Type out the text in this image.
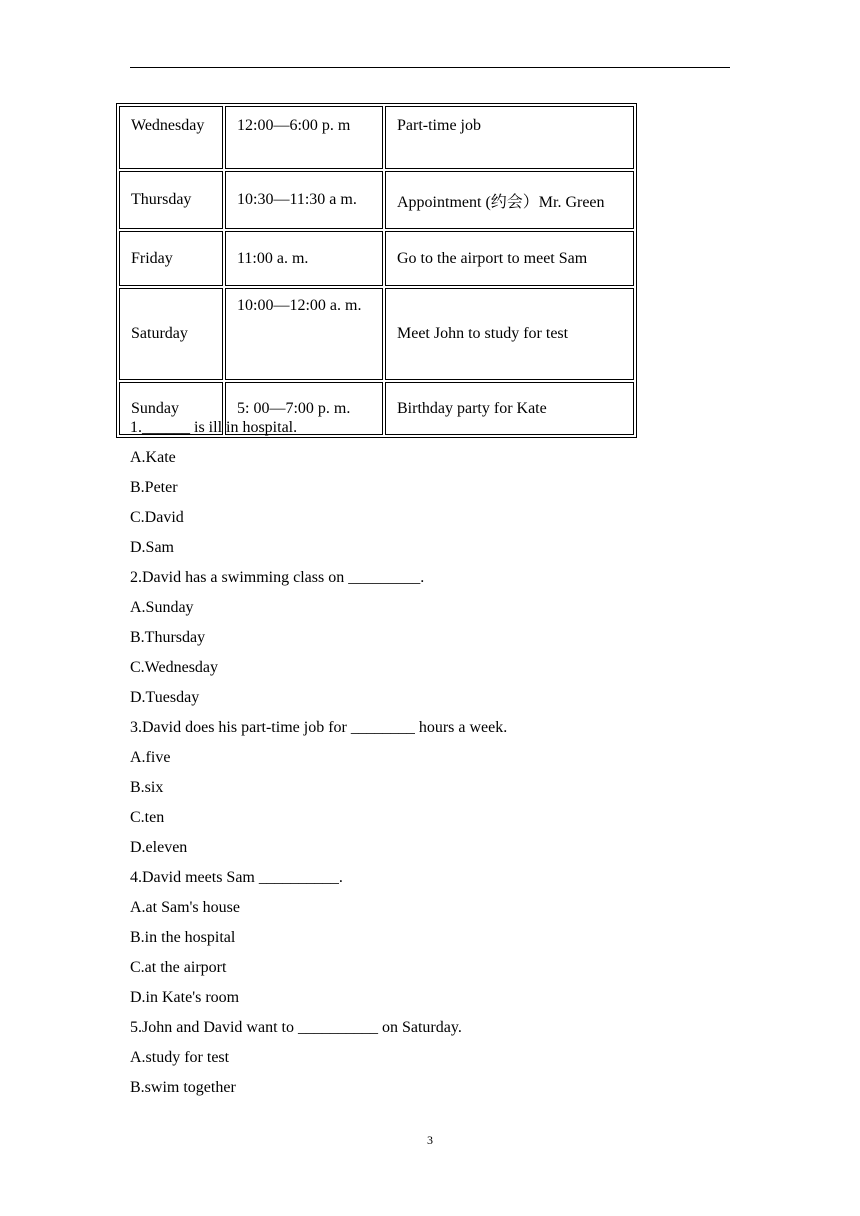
Wednesday	12:00—6:00 p. m	Part-time job
Thursday	10:30—11:30 a m.	Appointment (约会）Mr. Green
Friday	11:00 a. m.	Go to the airport to meet Sam
Saturday	10:00—12:00 a. m.	Meet John to study for test
Sunday	5: 00—7:00 p. m.	Birthday party for Kate
1.______ is ill in hospital.
A.Kate
B.Peter
C.David
D.Sam
2.David has a swimming class on _________.
A.Sunday
B.Thursday
C.Wednesday
D.Tuesday
3.David does his part-time job for ________ hours a week.
A.five
B.six
C.ten
D.eleven
4.David meets Sam __________.
A.at Sam's house
B.in the hospital
C.at the airport
D.in Kate's room
5.John and David want to __________ on Saturday.
A.study for test
B.swim together
3
